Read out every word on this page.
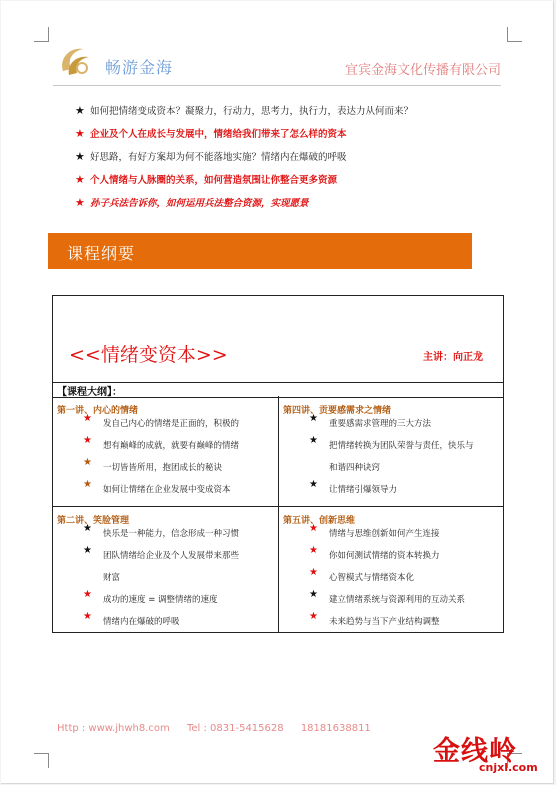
畅游金海	宜宾金海文化传播有限公司
★ 如何把情绪变成资本？凝聚力，行动力，思考力，执行力，表达力从何而来？
★ 企业及个人在成长与发展中，情绪给我们带来了怎么样的资本
★ 好思路，有好方案却为何不能落地实施？情绪内在爆破的呼吸
★ 个人情绪与人脉圈的关系，如何营造氛围让你整合更多资源
★ 孙子兵法告诉你，如何运用兵法整合资源，实现愿景
课程纲要
<<情绪变资本>>	主讲：向正龙
【课程大纲】：
第一讲、内心的情绪
★ 发自己内心的情绪是正面的，积极的
★ 想有巅峰的成就，就要有巅峰的情绪
★ 一切皆皆所用，抱团成长的秘诀
★ 如何让情绪在企业发展中变成资本
第四讲、贡要感需求之情绪
★ 重要感需求管理的三大方法
★ 把情绪转换为团队荣誉与责任，快乐与
和谐四种诀窍
★ 让情绪引爆领导力
第二讲、笑脸管理
★ 快乐是一种能力，信念形成一种习惯
★ 团队情绪给企业及个人发展带来那些
财富
★ 成功的速度 = 调整情绪的速度
★ 情绪内在爆破的呼吸
第五讲、创新思维
★ 情绪与思维创新如何产生连接
★ 你如何测试情绪的资本转换力
★ 心智模式与情绪资本化
★ 建立情绪系统与资源利用的互动关系
★ 未来趋势与当下产业结构调整
Http : www.jhwh8.com Tel : 0831-5415628 18181638811
金线岭
cnjxl.com
